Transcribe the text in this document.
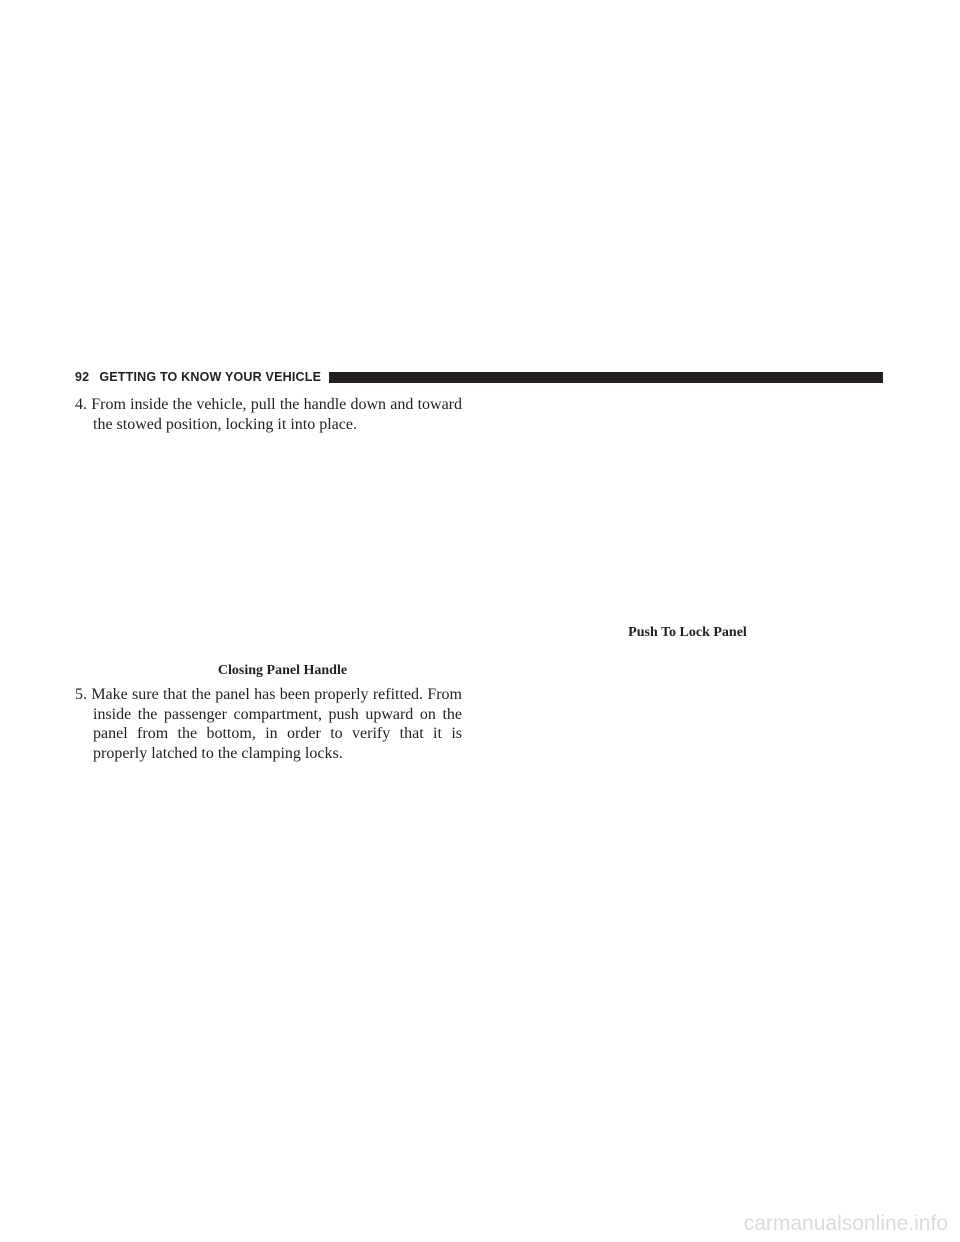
92 GETTING TO KNOW YOUR VEHICLE

4. From inside the vehicle, pull the handle down and toward the stowed position, locking it into place.

Closing Panel Handle

5. Make sure that the panel has been properly refitted. From inside the passenger compartment, push upward on the panel from the bottom, in order to verify that it is properly latched to the clamping locks.

Push To Lock Panel
carmanualsonline.info
